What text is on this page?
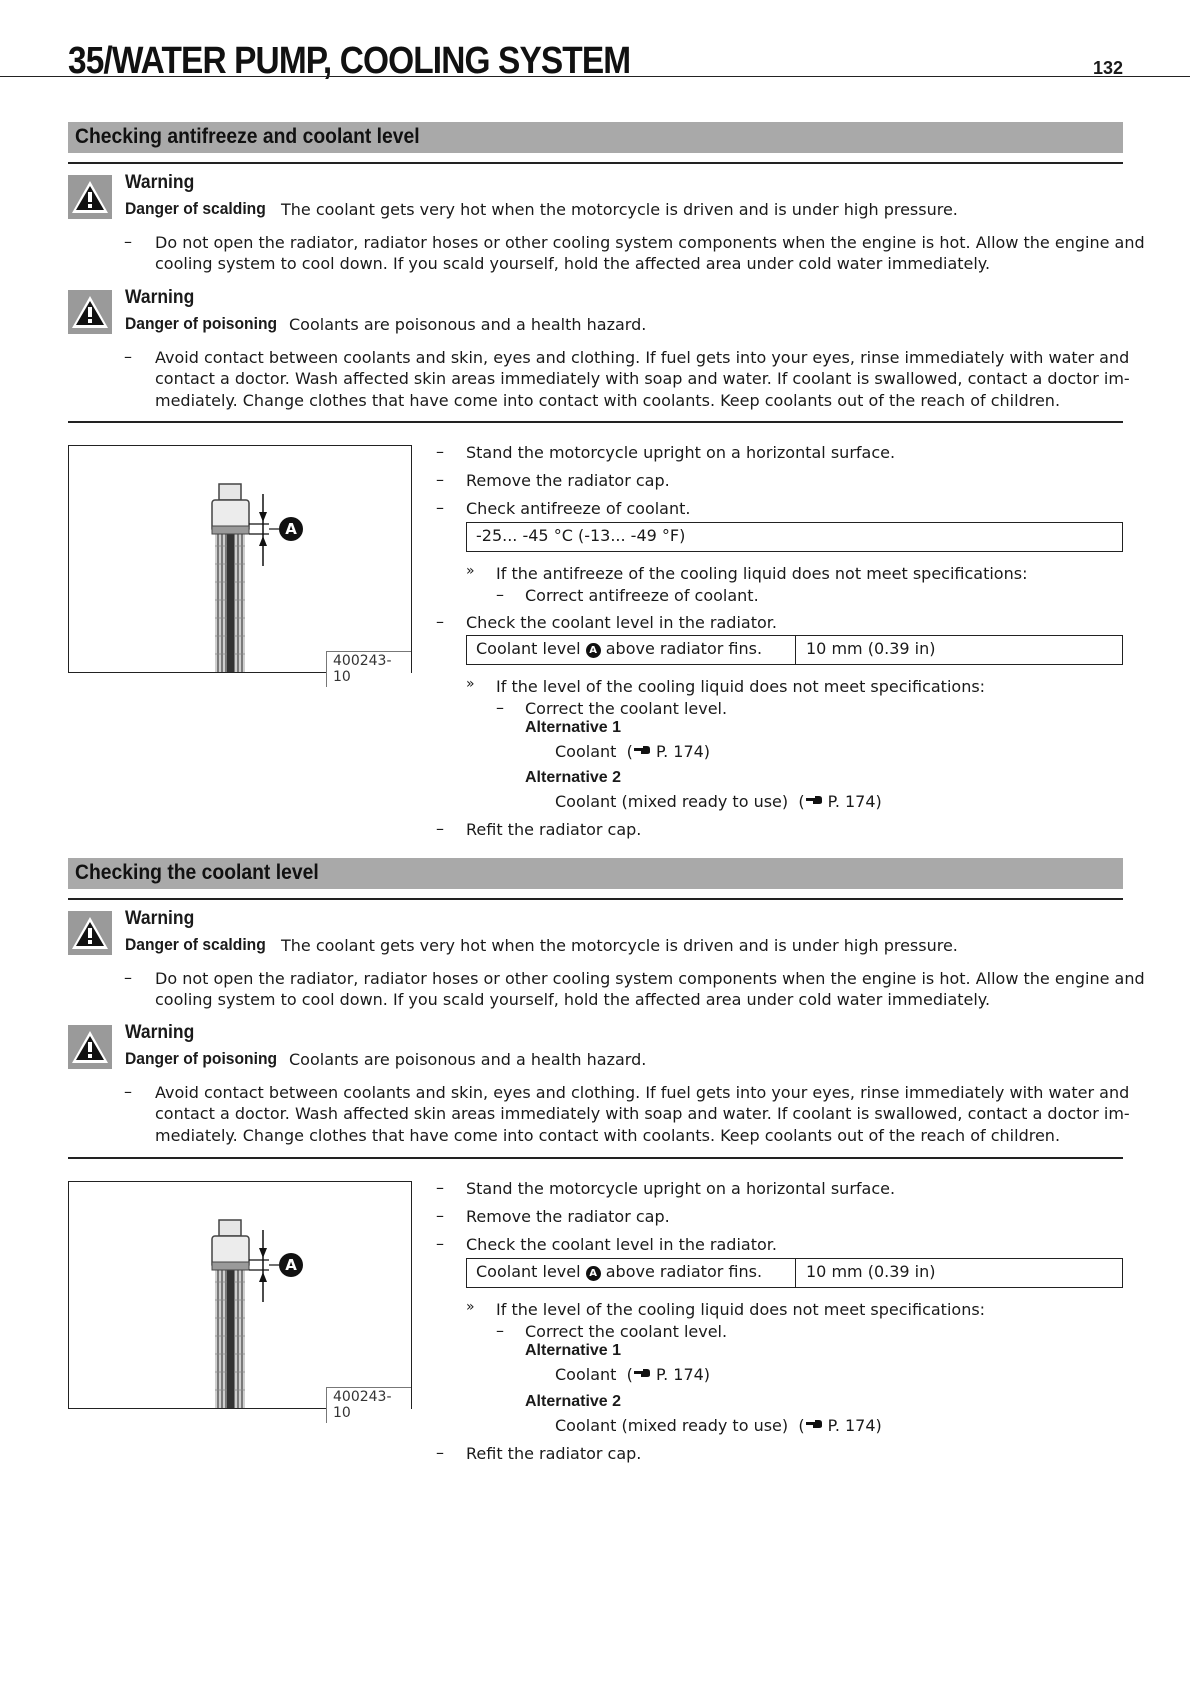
35/WATER PUMP, COOLING SYSTEM	132
Checking antifreeze and coolant level
Warning
Danger of scalding The coolant gets very hot when the motorcycle is driven and is under high pressure.
– Do not open the radiator, radiator hoses or other cooling system components when the engine is hot. Allow the engine and
cooling system to cool down. If you scald yourself, hold the affected area under cold water immediately.
Warning
Danger of poisoning Coolants are poisonous and a health hazard.
– Avoid contact between coolants and skin, eyes and clothing. If fuel gets into your eyes, rinse immediately with water and
contact a doctor. Wash affected skin areas immediately with soap and water. If coolant is swallowed, contact a doctor im-
mediately. Change clothes that have come into contact with coolants. Keep coolants out of the reach of children.
A
400243-10
– Stand the motorcycle upright on a horizontal surface.
– Remove the radiator cap.
– Check antifreeze of coolant.
-25... -45 °C (-13... -49 °F)
» If the antifreeze of the cooling liquid does not meet specifications:
– Correct antifreeze of coolant.
– Check the coolant level in the radiator.
Coolant level A above radiator fins.	10 mm (0.39 in)
» If the level of the cooling liquid does not meet specifications:
– Correct the coolant level.
Alternative 1
Coolant ( P. 174)
Alternative 2
Coolant (mixed ready to use) ( P. 174)
– Refit the radiator cap.
Checking the coolant level
Warning
Danger of scalding The coolant gets very hot when the motorcycle is driven and is under high pressure.
– Do not open the radiator, radiator hoses or other cooling system components when the engine is hot. Allow the engine and
cooling system to cool down. If you scald yourself, hold the affected area under cold water immediately.
Warning
Danger of poisoning Coolants are poisonous and a health hazard.
– Avoid contact between coolants and skin, eyes and clothing. If fuel gets into your eyes, rinse immediately with water and
contact a doctor. Wash affected skin areas immediately with soap and water. If coolant is swallowed, contact a doctor im-
mediately. Change clothes that have come into contact with coolants. Keep coolants out of the reach of children.
A
400243-10
– Stand the motorcycle upright on a horizontal surface.
– Remove the radiator cap.
– Check the coolant level in the radiator.
Coolant level A above radiator fins.	10 mm (0.39 in)
» If the level of the cooling liquid does not meet specifications:
– Correct the coolant level.
Alternative 1
Coolant ( P. 174)
Alternative 2
Coolant (mixed ready to use) ( P. 174)
– Refit the radiator cap.
